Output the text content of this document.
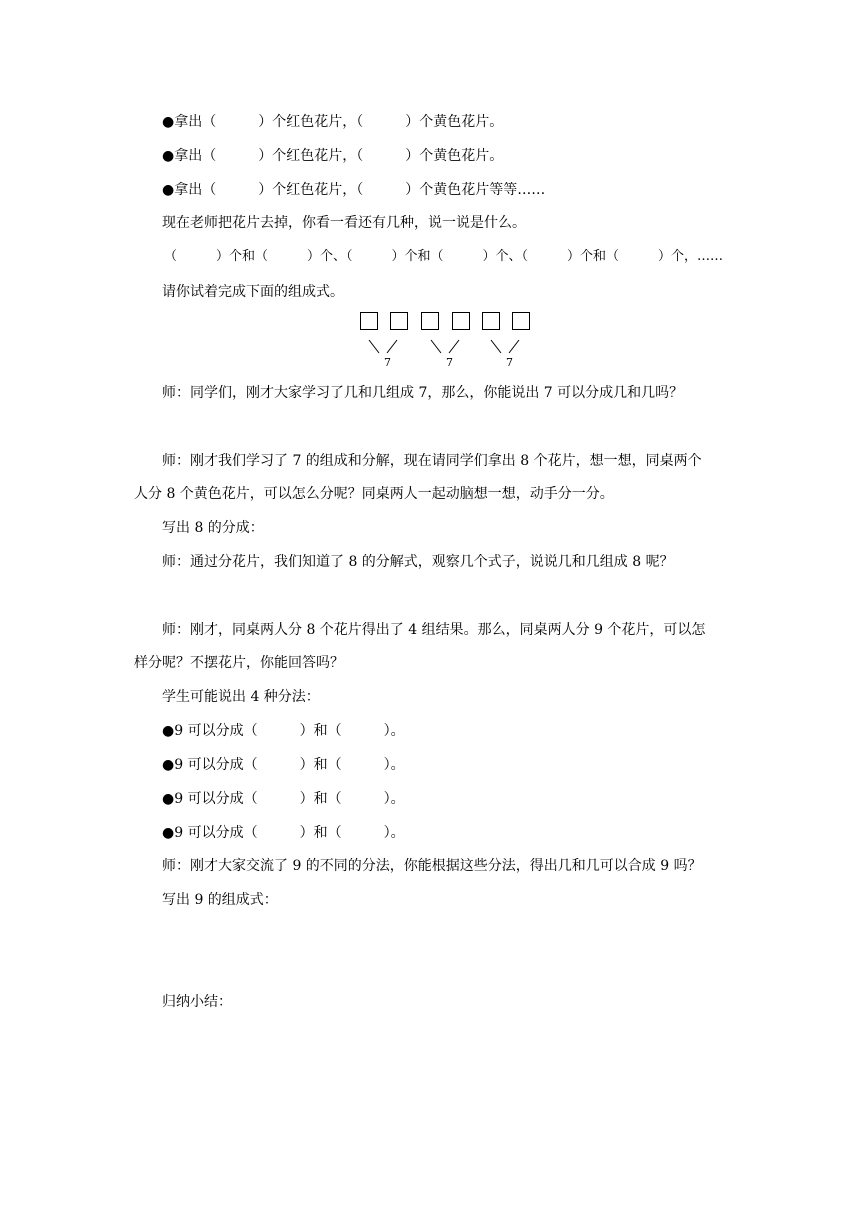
●拿出（　　　）个红色花片，（　　　）个黄色花片。
●拿出（　　　）个红色花片，（　　　）个黄色花片。
●拿出（　　　）个红色花片，（　　　）个黄色花片等等……
现在老师把花片去掉，你看一看还有几种，说一说是什么。
（　　　）个和（　　　）个、（　　　）个和（　　　）个、（　　　）个和（　　　）个，……
请你试着完成下面的组成式。
7	7	7
师：同学们，刚才大家学习了几和几组成 7，那么，你能说出 7 可以分成几和几吗？
师：刚才我们学习了 7 的组成和分解，现在请同学们拿出 8 个花片，想一想，同桌两个
人分 8 个黄色花片，可以怎么分呢？同桌两人一起动脑想一想，动手分一分。
写出 8 的分成：
师：通过分花片，我们知道了 8 的分解式，观察几个式子，说说几和几组成 8 呢？
师：刚才，同桌两人分 8 个花片得出了 4 组结果。那么，同桌两人分 9 个花片，可以怎
样分呢？不摆花片，你能回答吗？
学生可能说出 4 种分法：
●9 可以分成（　　　）和（　　　）。
●9 可以分成（　　　）和（　　　）。
●9 可以分成（　　　）和（　　　）。
●9 可以分成（　　　）和（　　　）。
师：刚才大家交流了 9 的不同的分法，你能根据这些分法，得出几和几可以合成 9 吗？
写出 9 的组成式：
归纳小结：
